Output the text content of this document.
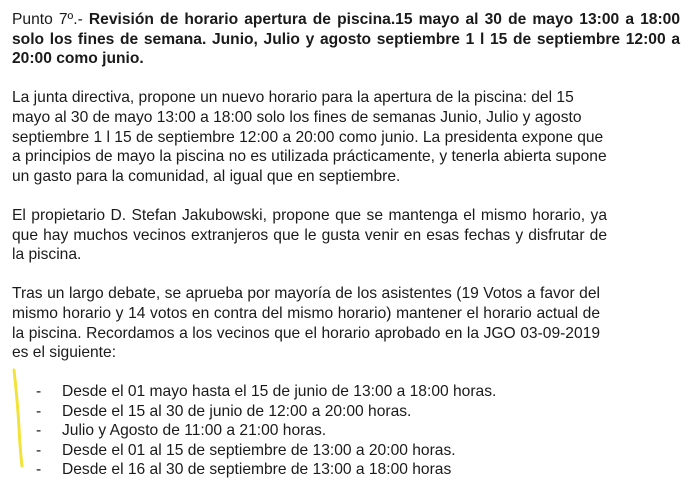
Punto 7º.- Revisión de horario apertura de piscina.15 mayo al 30 de mayo 13:00 a 18:00 solo los fines de semana. Junio, Julio y agosto septiembre 1 l 15 de septiembre 12:00 a 20:00 como junio.

La junta directiva, propone un nuevo horario para la apertura de la piscina: del 15 mayo al 30 de mayo 13:00 a 18:00 solo los fines de semanas Junio, Julio y agosto septiembre 1 l 15 de septiembre 12:00 a 20:00 como junio. La presidenta expone que a principios de mayo la piscina no es utilizada prácticamente, y tenerla abierta supone un gasto para la comunidad, al igual que en septiembre.

El propietario D. Stefan Jakubowski, propone que se mantenga el mismo horario, ya que hay muchos vecinos extranjeros que le gusta venir en esas fechas y disfrutar de la piscina.

Tras un largo debate, se aprueba por mayoría de los asistentes (19 Votos a favor del mismo horario y 14 votos en contra del mismo horario) mantener el horario actual de la piscina. Recordamos a los vecinos que el horario aprobado en la JGO 03-09-2019 es el siguiente:

- Desde el 01 mayo hasta el 15 de junio de 13:00 a 18:00 horas.
- Desde el 15 al 30 de junio de 12:00 a 20:00 horas.
- Julio y Agosto de 11:00 a 21:00 horas.
- Desde el 01 al 15 de septiembre de 13:00 a 20:00 horas.
- Desde el 16 al 30 de septiembre de 13:00 a 18:00 horas
